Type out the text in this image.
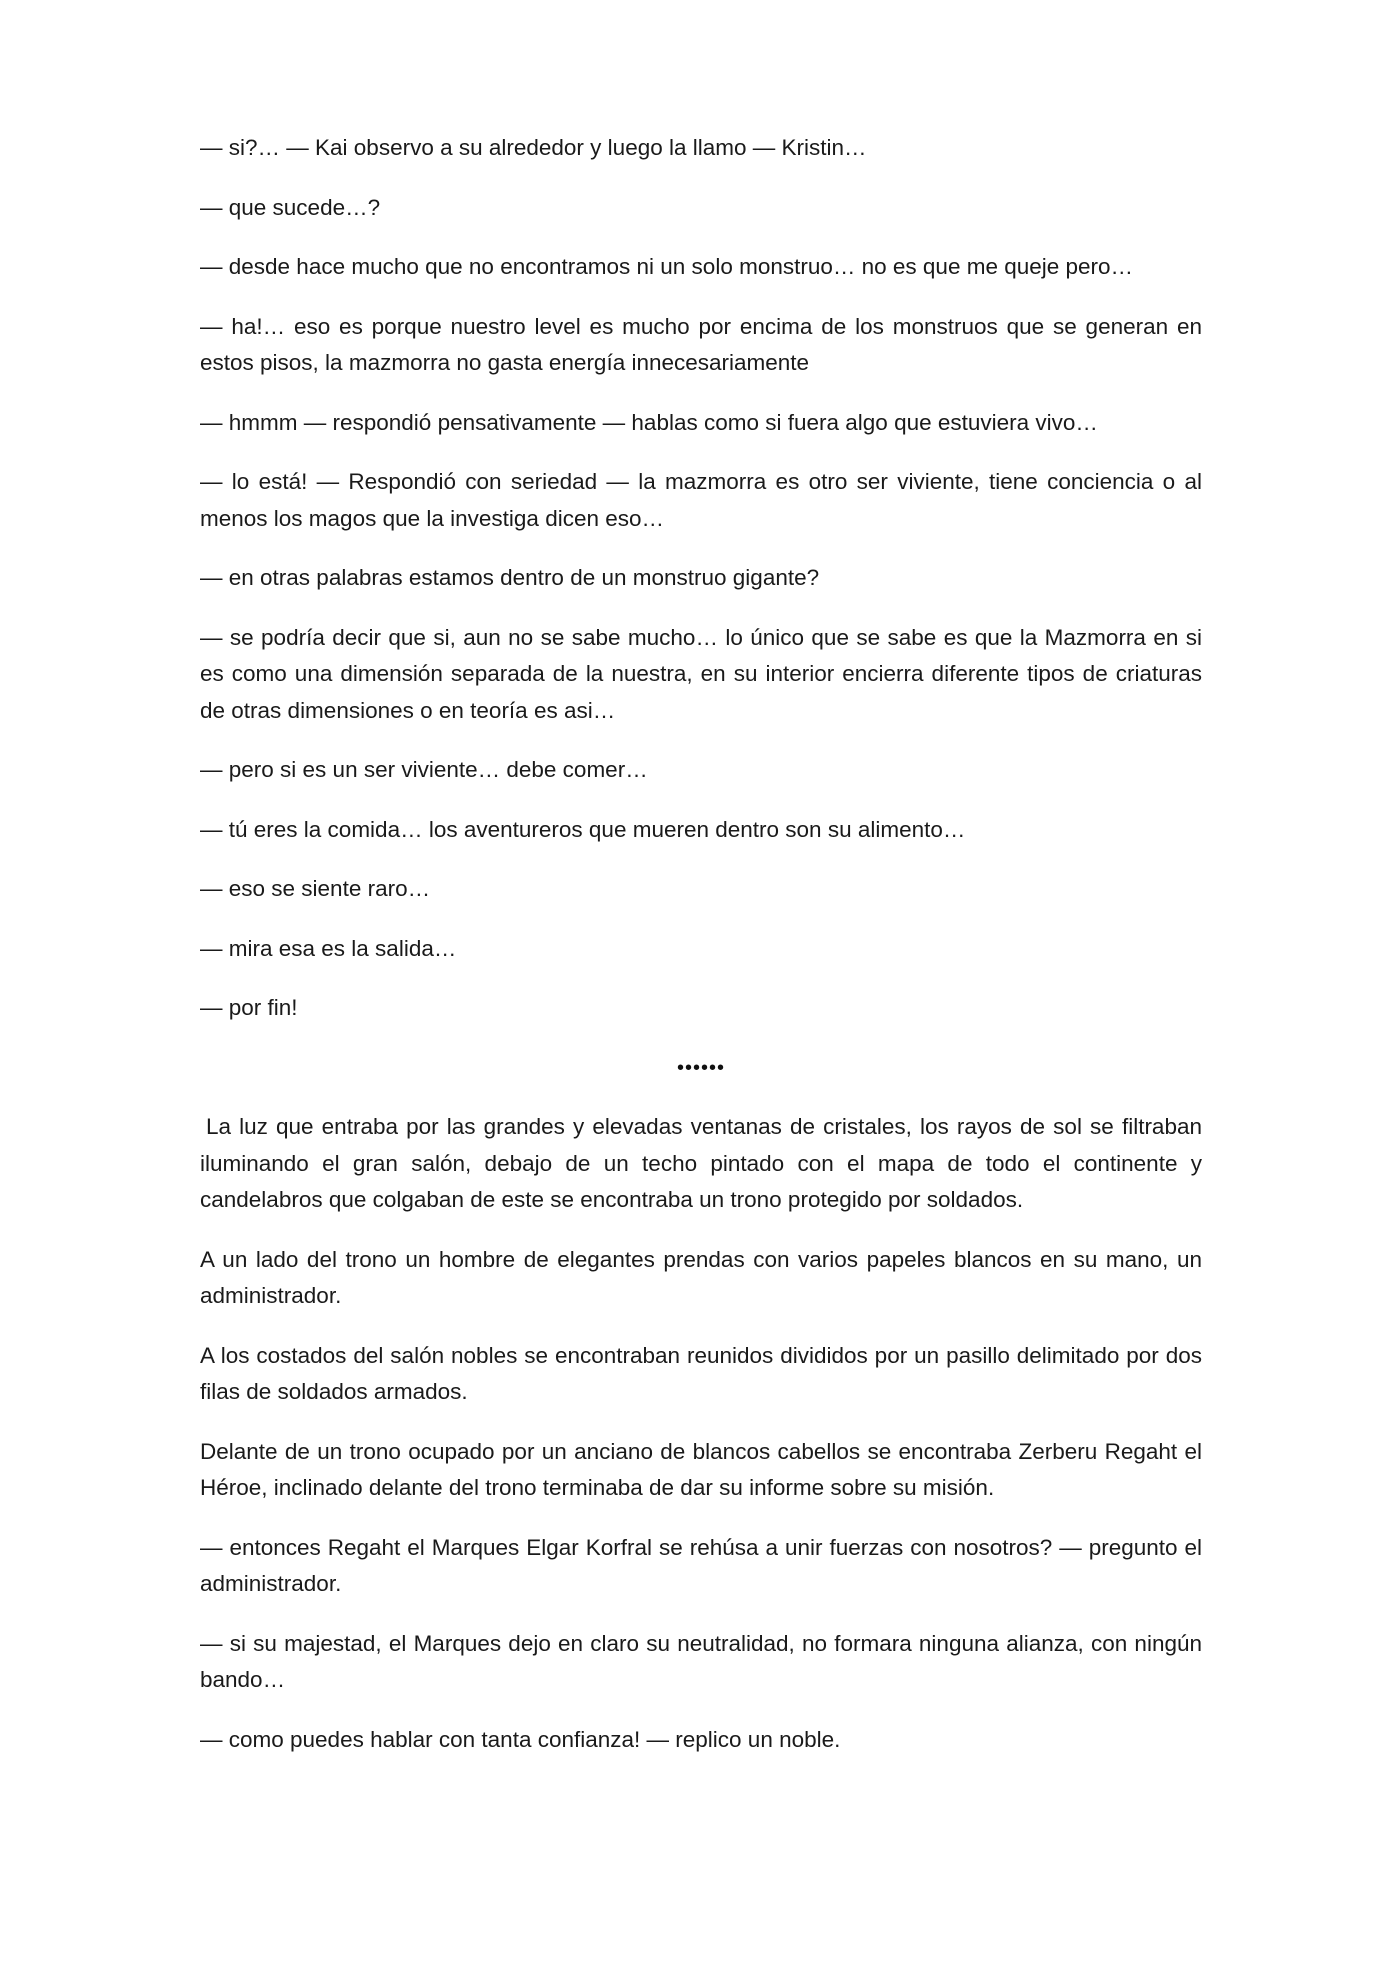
— si?… — Kai observo a su alrededor y luego la llamo — Kristin…

— que sucede…?

— desde hace mucho que no encontramos ni un solo monstruo… no es que me queje pero…

— ha!… eso es porque nuestro level es mucho por encima de los monstruos que se generan en estos pisos, la mazmorra no gasta energía innecesariamente

— hmmm — respondió pensativamente — hablas como si fuera algo que estuviera vivo…

— lo está! — Respondió con seriedad — la mazmorra es otro ser viviente, tiene conciencia o al menos los magos que la investiga dicen eso…

— en otras palabras estamos dentro de un monstruo gigante?

— se podría decir que si, aun no se sabe mucho… lo único que se sabe es que la Mazmorra en si es como una dimensión separada de la nuestra, en su interior encierra diferente tipos de criaturas de otras dimensiones o en teoría es asi…

— pero si es un ser viviente… debe comer…

— tú eres la comida… los aventureros que mueren dentro son su alimento…

— eso se siente raro…

— mira esa es la salida…

— por fin!

••••••

La luz que entraba por las grandes y elevadas ventanas de cristales, los rayos de sol se filtraban iluminando el gran salón, debajo de un techo pintado con el mapa de todo el continente y candelabros que colgaban de este se encontraba un trono protegido por soldados.

A un lado del trono un hombre de elegantes prendas con varios papeles blancos en su mano, un administrador.

A los costados del salón nobles se encontraban reunidos divididos por un pasillo delimitado por dos filas de soldados armados.

Delante de un trono ocupado por un anciano de blancos cabellos se encontraba Zerberu Regaht el Héroe, inclinado delante del trono terminaba de dar su informe sobre su misión.

— entonces Regaht el Marques Elgar Korfral se rehúsa a unir fuerzas con nosotros? — pregunto el administrador.

— si su majestad, el Marques dejo en claro su neutralidad, no formara ninguna alianza, con ningún bando…

— como puedes hablar con tanta confianza! — replico un noble.
